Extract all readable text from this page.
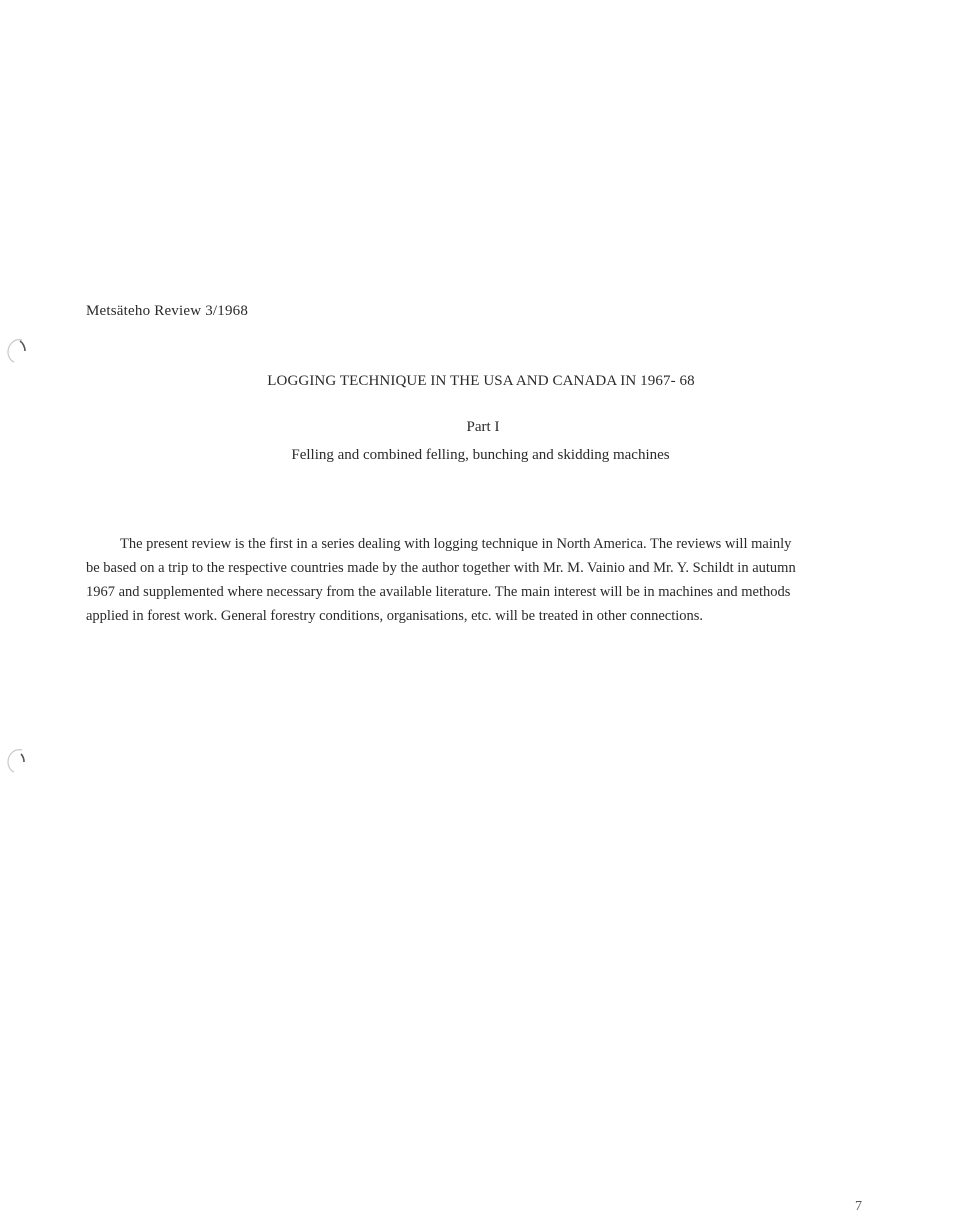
Metsäteho Review 3/1968
LOGGING TECHNIQUE IN THE USA AND CANADA IN 1967- 68
Part I
Felling and combined felling, bunching and skidding machines
The present review is the first in a series dealing with logging technique in North America. The reviews will mainly
be based on a trip to the respective countries made by the author together with Mr. M. Vainio and Mr. Y. Schildt in autumn
1967 and supplemented where necessary from the available literature. The main interest will be in machines and methods
applied in forest work. General forestry conditions, organisations, etc. will be treated in other connections.
7
